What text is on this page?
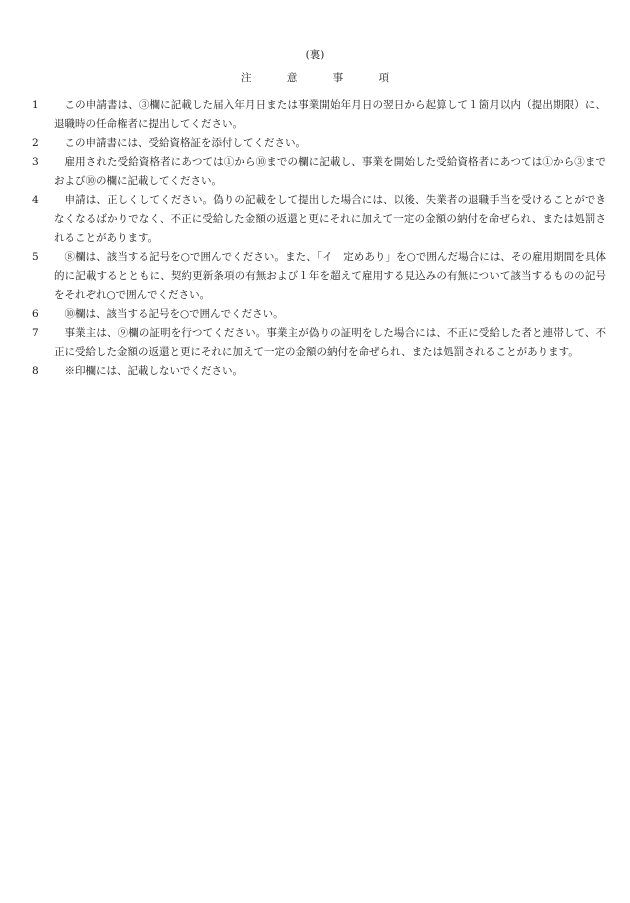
(裏)
注	意	事	項
1	この申請書は、③欄に記載した届入年月日または事業開始年月日の翌日から起算して１箇月以内（提出期限）に、退職時の任命権者に提出してください。
2	この申請書には、受給資格証を添付してください。
3	雇用された受給資格者にあつては①から⑩までの欄に記載し、事業を開始した受給資格者にあつては①から③までおよび⑩の欄に記載してください。
4	申請は、正しくしてください。偽りの記載をして提出した場合には、以後、失業者の退職手当を受けることができなくなるばかりでなく、不正に受給した金額の返還と更にそれに加えて一定の金額の納付を命ぜられ、または処罰されることがあります。
5	⑧欄は、該当する記号を○で囲んでください。また、「イ　定めあり」を○で囲んだ場合には、その雇用期間を具体的に記載するとともに、契約更新条項の有無および１年を超えて雇用する見込みの有無について該当するものの記号をそれぞれ○で囲んでください。
6	⑩欄は、該当する記号を○で囲んでください。
7	事業主は、⑨欄の証明を行つてください。事業主が偽りの証明をした場合には、不正に受給した者と連帯して、不正に受給した金額の返還と更にそれに加えて一定の金額の納付を命ぜられ、または処罰されることがあります。
8	※印欄には、記載しないでください。
